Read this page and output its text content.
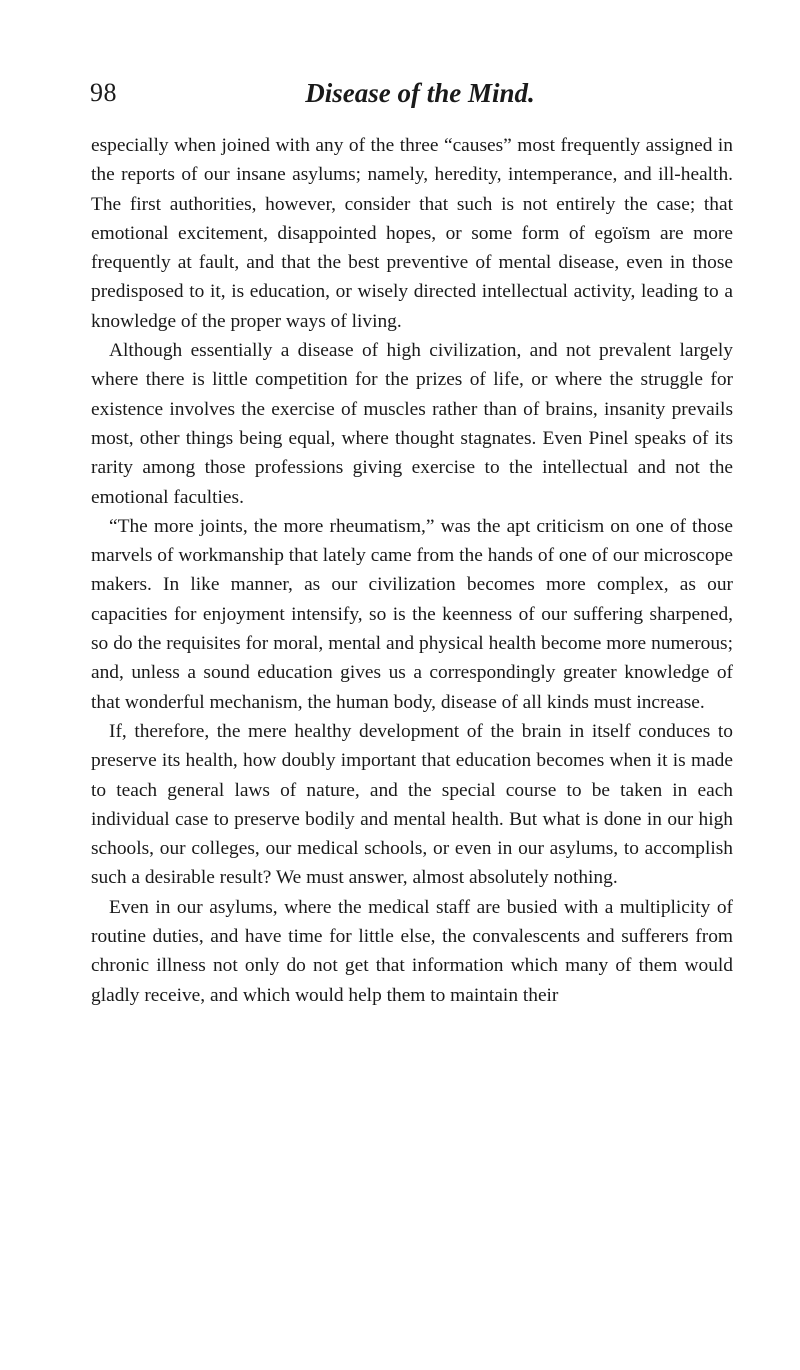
98	Disease of the Mind.

especially when joined with any of the three “causes” most frequently assigned in the reports of our insane asylums; namely, heredity, intemperance, and ill-health. The first authorities, however, consider that such is not entirely the case; that emotional excitement, disappointed hopes, or some form of egoïsm are more frequently at fault, and that the best preventive of mental disease, even in those predisposed to it, is education, or wisely directed intellectual activity, leading to a knowledge of the proper ways of living.

Although essentially a disease of high civilization, and not prevalent largely where there is little competition for the prizes of life, or where the struggle for existence involves the exercise of muscles rather than of brains, insanity prevails most, other things being equal, where thought stagnates. Even Pinel speaks of its rarity among those professions giving exercise to the intellectual and not the emotional faculties.

“The more joints, the more rheumatism,” was the apt criticism on one of those marvels of workmanship that lately came from the hands of one of our microscope makers. In like manner, as our civilization becomes more complex, as our capacities for enjoyment intensify, so is the keenness of our suffering sharpened, so do the requisites for moral, mental and physical health become more numerous; and, unless a sound education gives us a correspondingly greater knowledge of that wonderful mechanism, the human body, disease of all kinds must increase.

If, therefore, the mere healthy development of the brain in itself conduces to preserve its health, how doubly important that education becomes when it is made to teach general laws of nature, and the special course to be taken in each individual case to preserve bodily and mental health. But what is done in our high schools, our colleges, our medical schools, or even in our asylums, to accomplish such a desirable result? We must answer, almost absolutely nothing.

Even in our asylums, where the medical staff are busied with a multiplicity of routine duties, and have time for little else, the convalescents and sufferers from chronic illness not only do not get that information which many of them would gladly receive, and which would help them to maintain their
